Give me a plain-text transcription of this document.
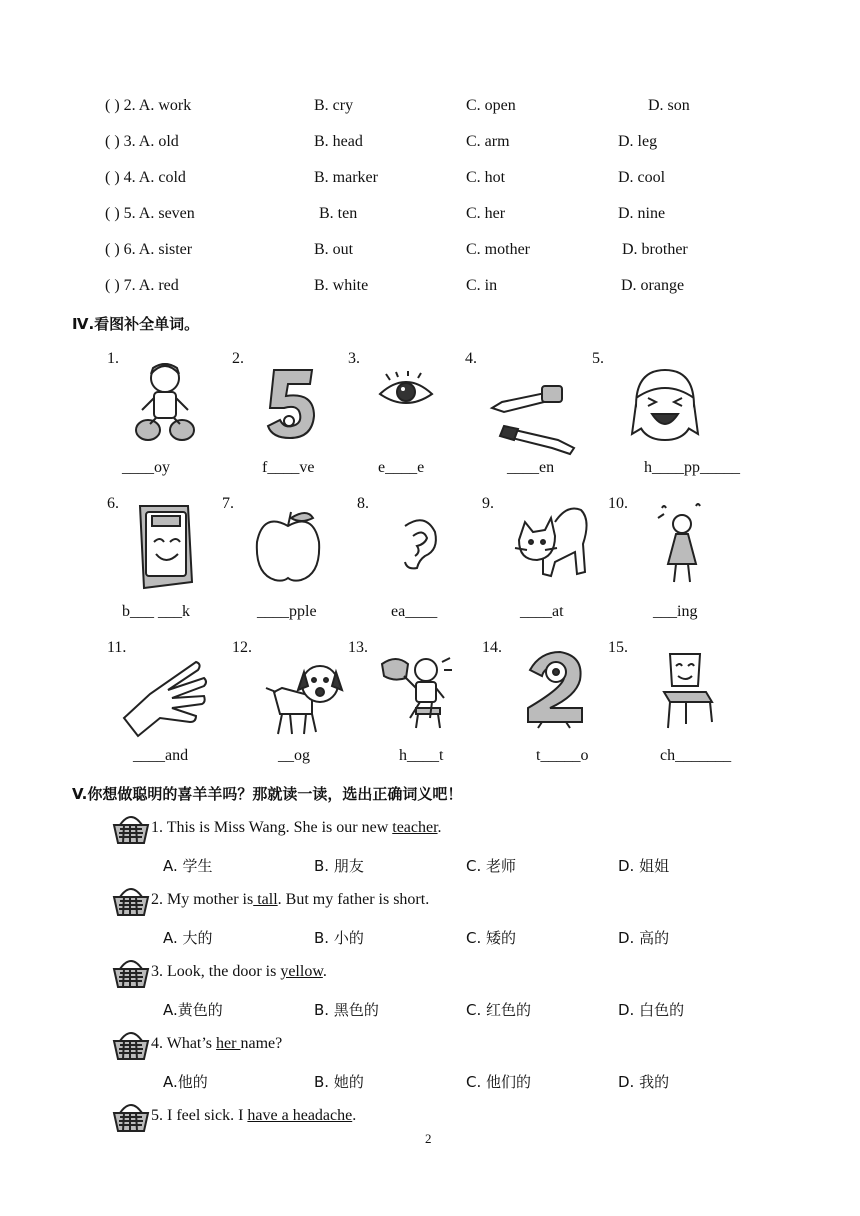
( ) 2. A. work	B. cry	C. open	D. son
( ) 3. A. old	B. head	C. arm	D. leg
( ) 4. A. cold	B. marker	C. hot	D. cool
( ) 5. A. seven	B. ten	C. her	D. nine
( ) 6. A. sister	B. out	C. mother	D. brother
( ) 7. A. red	B. white	C. in	D. orange
Ⅳ.看图补全单词。
1.	2.	3.	4.	5.
____oy	f____ve	e____e	____en	h____pp_____
6.	7.	8.	9.	10.
b___ ___k	____pple	ea____	____at	___ing
11.	12.	13.	14.	15.
____and	__og	h____t	t_____o	ch_______
V.你想做聪明的喜羊羊吗？那就读一读，选出正确词义吧！
1. This is Miss Wang. She is our new teacher.
A. 学生	B. 朋友	C. 老师	D. 姐姐
2. My mother is tall. But my father is short.
A. 大的	B. 小的	C. 矮的	D. 高的
3. Look, the door is yellow.
A.黄色的	B. 黑色的	C. 红色的	D. 白色的
4. What’s her name?
A.他的	B. 她的	C. 他们的	D. 我的
5. I feel sick. I have a headache.
2
